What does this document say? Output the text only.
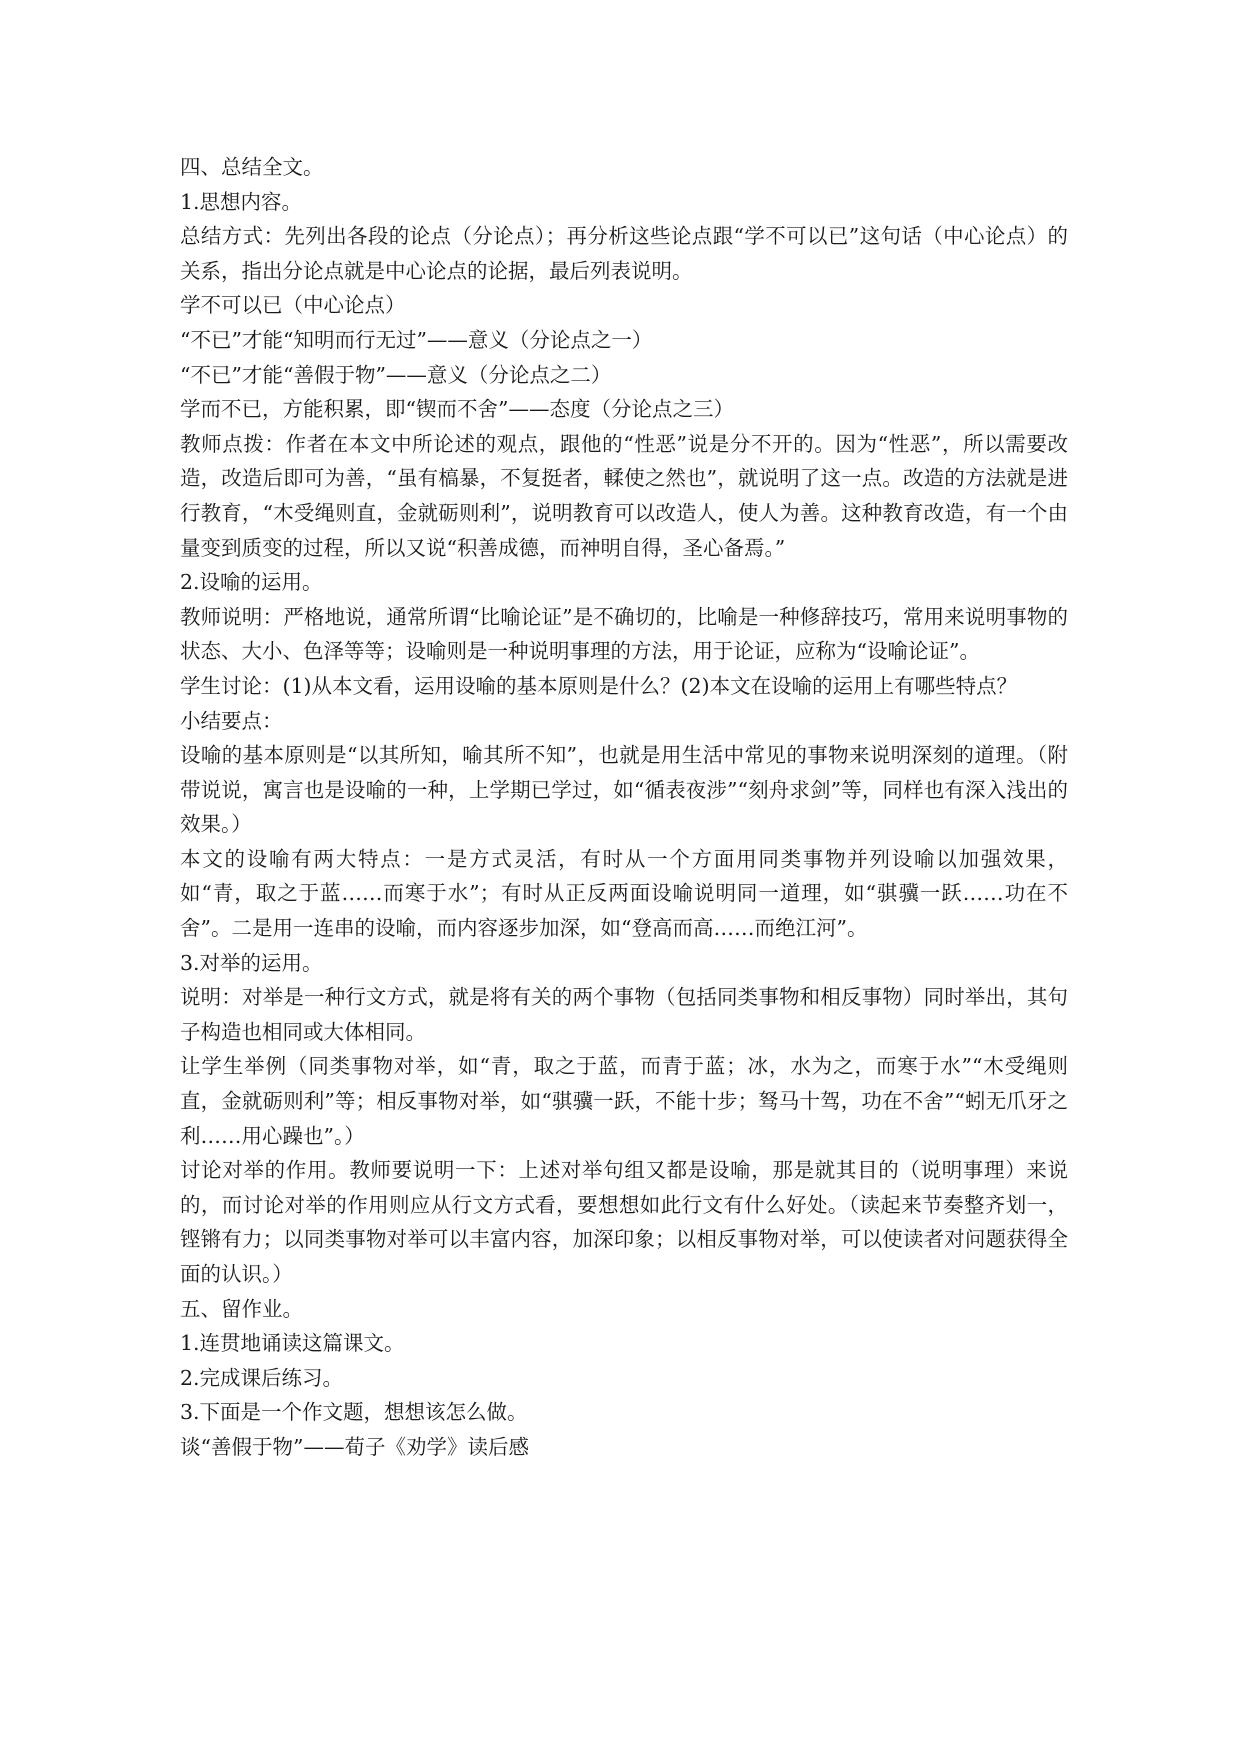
四、总结全文。

1.思想内容。

总结方式：先列出各段的论点（分论点）；再分析这些论点跟“学不可以已”这句话（中心论点）的关系，指出分论点就是中心论点的论据，最后列表说明。

学不可以已（中心论点）

“不已”才能“知明而行无过”——意义（分论点之一）

“不已”才能“善假于物”——意义（分论点之二）

学而不已，方能积累，即“锲而不舍”——态度（分论点之三）

教师点拨：作者在本文中所论述的观点，跟他的“性恶”说是分不开的。因为“性恶”，所以需要改造，改造后即可为善，“虽有槁暴，不复挺者，輮使之然也”，就说明了这一点。改造的方法就是进行教育，“木受绳则直，金就砺则利”，说明教育可以改造人，使人为善。这种教育改造，有一个由量变到质变的过程，所以又说“积善成德，而神明自得，圣心备焉。”

2.设喻的运用。

教师说明：严格地说，通常所谓“比喻论证”是不确切的，比喻是一种修辞技巧，常用来说明事物的状态、大小、色泽等等；设喻则是一种说明事理的方法，用于论证，应称为“设喻论证”。

学生讨论：(1)从本文看，运用设喻的基本原则是什么？(2)本文在设喻的运用上有哪些特点？

小结要点：

设喻的基本原则是“以其所知，喻其所不知”，也就是用生活中常见的事物来说明深刻的道理。（附带说说，寓言也是设喻的一种，上学期已学过，如“循表夜涉”“刻舟求剑”等，同样也有深入浅出的效果。）

本文的设喻有两大特点：一是方式灵活，有时从一个方面用同类事物并列设喻以加强效果，如“青，取之于蓝……而寒于水”；有时从正反两面设喻说明同一道理，如“骐骥一跃……功在不舍”。二是用一连串的设喻，而内容逐步加深，如“登高而高……而绝江河”。

3.对举的运用。

说明：对举是一种行文方式，就是将有关的两个事物（包括同类事物和相反事物）同时举出，其句子构造也相同或大体相同。

让学生举例（同类事物对举，如“青，取之于蓝，而青于蓝；冰，水为之，而寒于水”“木受绳则直，金就砺则利”等；相反事物对举，如“骐骥一跃，不能十步；驽马十驾，功在不舍”“蚓无爪牙之利……用心躁也”。）

讨论对举的作用。教师要说明一下：上述对举句组又都是设喻，那是就其目的（说明事理）来说的，而讨论对举的作用则应从行文方式看，要想想如此行文有什么好处。（读起来节奏整齐划一，铿锵有力；以同类事物对举可以丰富内容，加深印象；以相反事物对举，可以使读者对问题获得全面的认识。）

五、留作业。

1.连贯地诵读这篇课文。

2.完成课后练习。

3.下面是一个作文题，想想该怎么做。

谈“善假于物”——荀子《劝学》读后感
